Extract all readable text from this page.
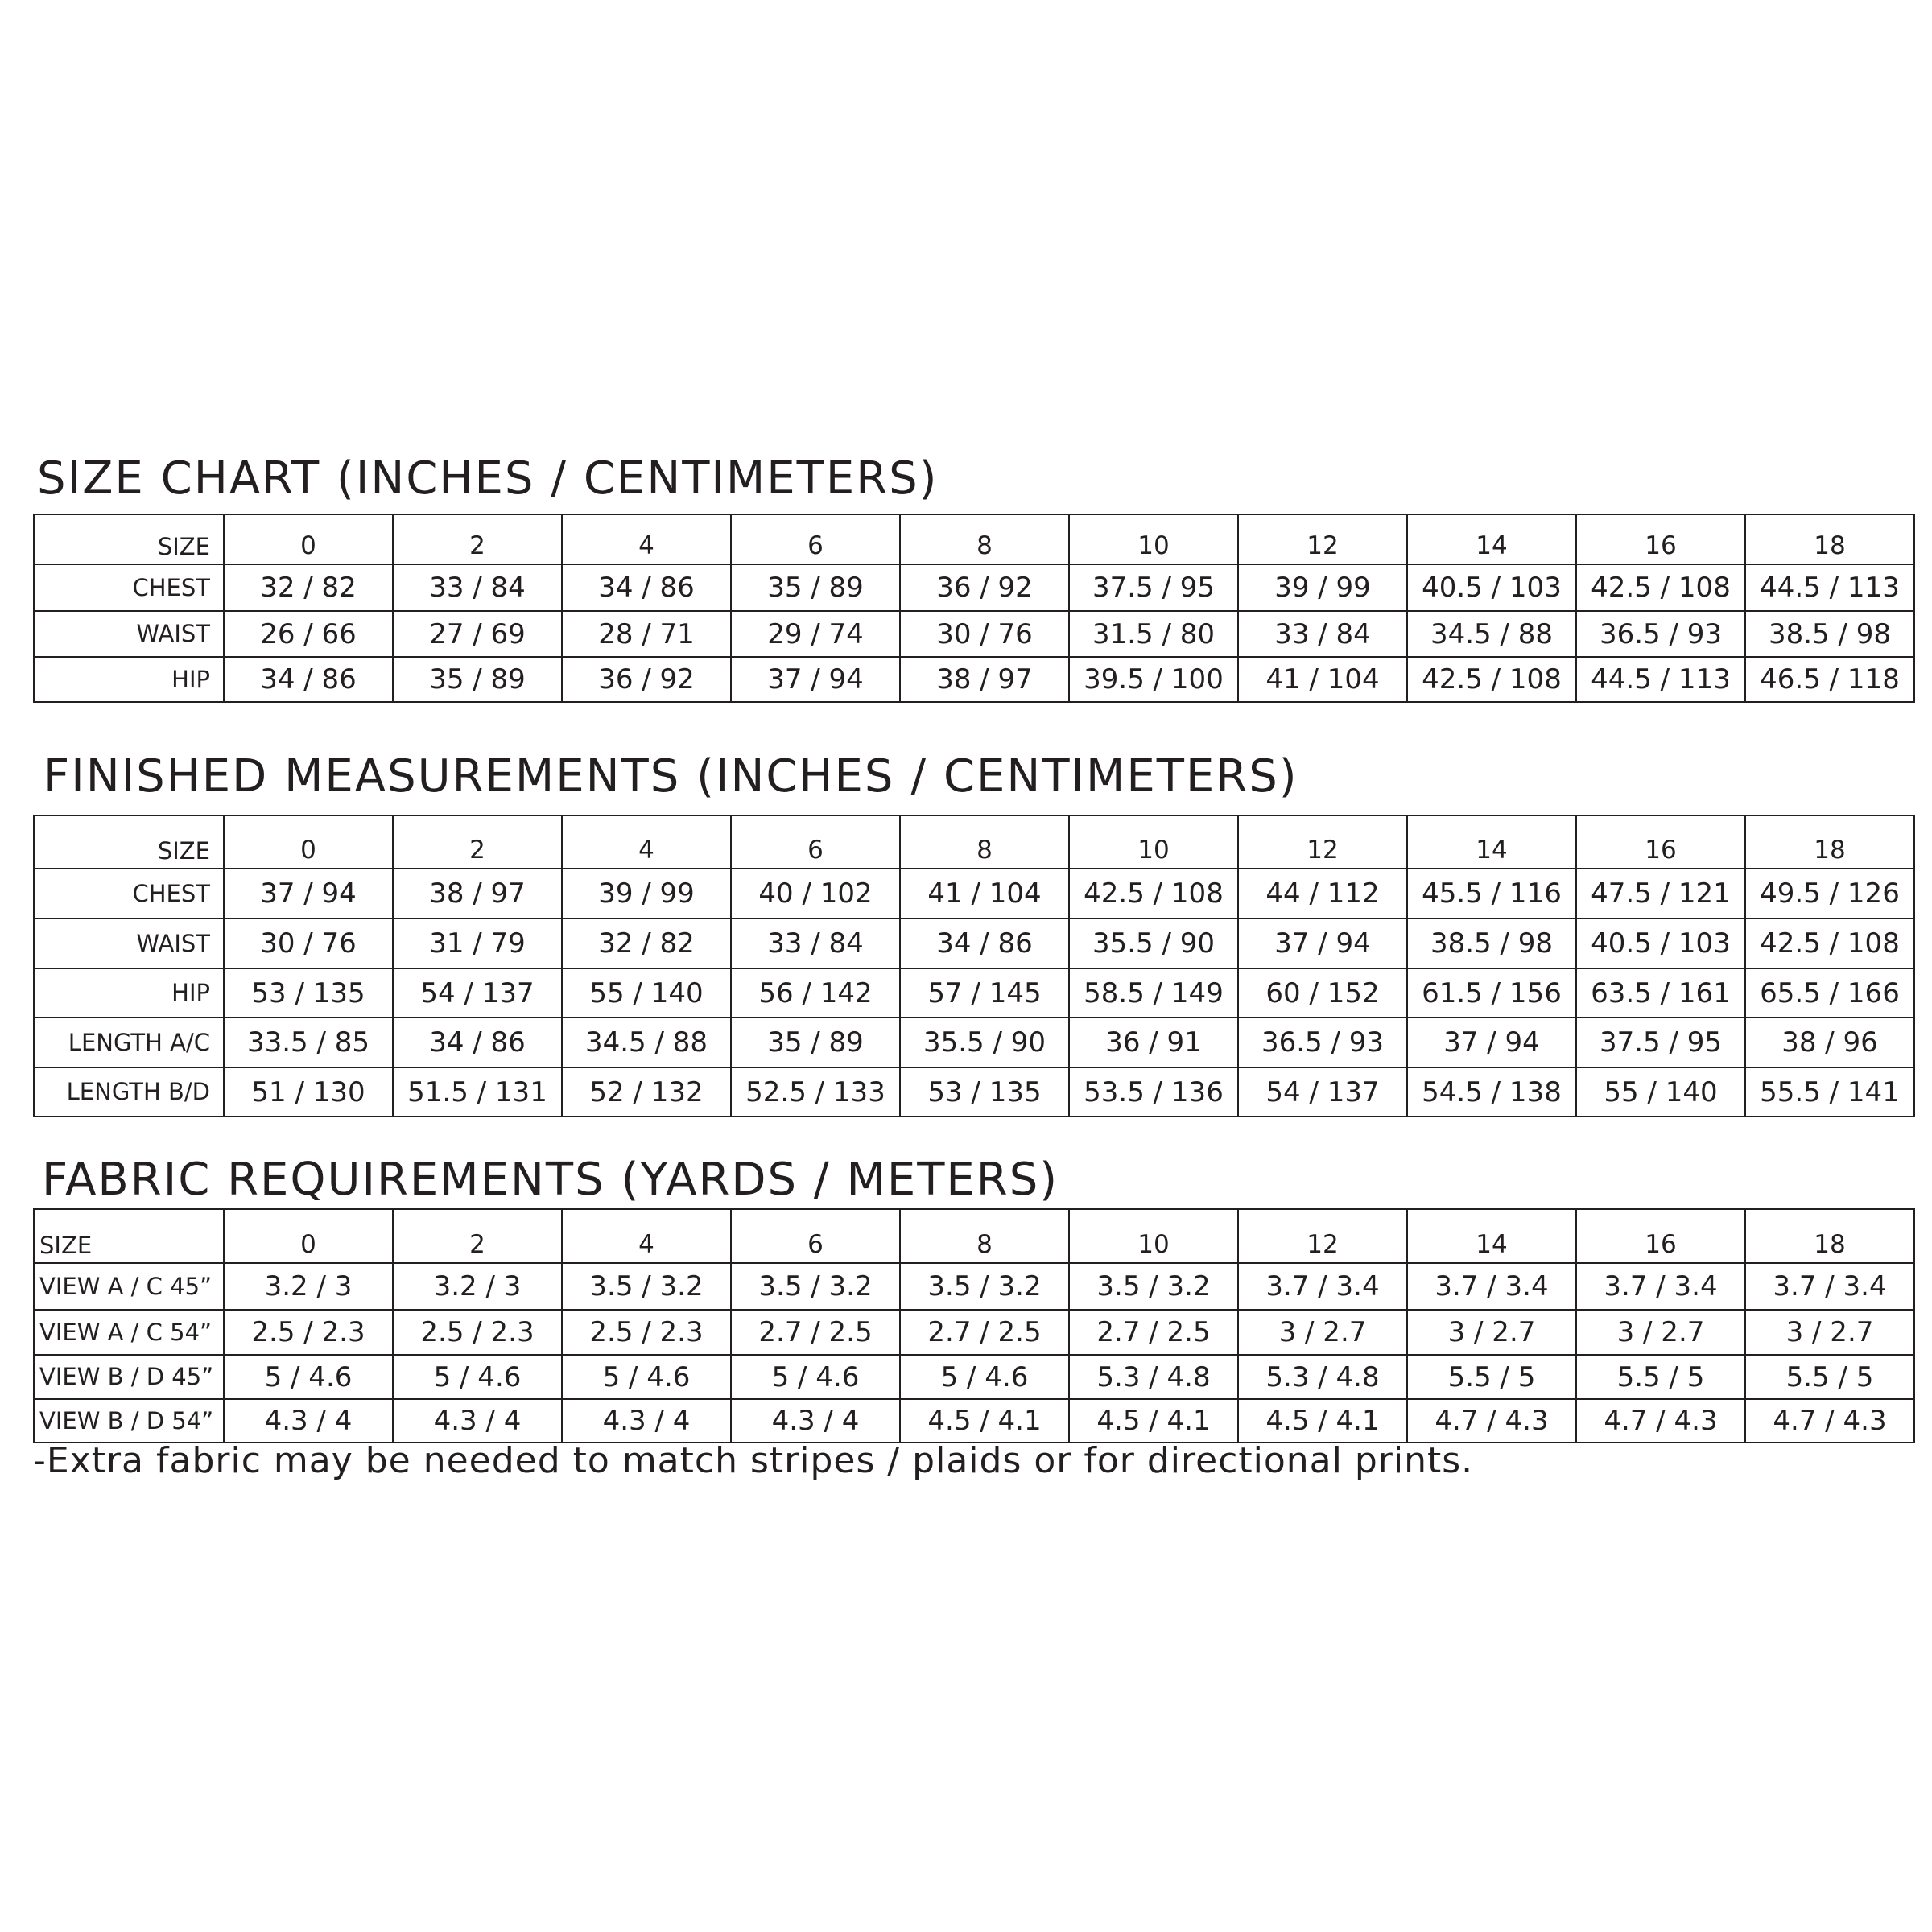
SIZE CHART (INCHES / CENTIMETERS)
SIZE	0	2	4	6	8	10	12	14	16	18
CHEST	32 / 82	33 / 84	34 / 86	35 / 89	36 / 92	37.5 / 95	39 / 99	40.5 / 103	42.5 / 108	44.5 / 113
WAIST	26 / 66	27 / 69	28 / 71	29 / 74	30 / 76	31.5 / 80	33 / 84	34.5 / 88	36.5 / 93	38.5 / 98
HIP	34 / 86	35 / 89	36 / 92	37 / 94	38 / 97	39.5 / 100	41 / 104	42.5 / 108	44.5 / 113	46.5 / 118
FINISHED MEASUREMENTS (INCHES / CENTIMETERS)
SIZE	0	2	4	6	8	10	12	14	16	18
CHEST	37 / 94	38 / 97	39 / 99	40 / 102	41 / 104	42.5 / 108	44 / 112	45.5 / 116	47.5 / 121	49.5 / 126
WAIST	30 / 76	31 / 79	32 / 82	33 / 84	34 / 86	35.5 / 90	37 / 94	38.5 / 98	40.5 / 103	42.5 / 108
HIP	53 / 135	54 / 137	55 / 140	56 / 142	57 / 145	58.5 / 149	60 / 152	61.5 / 156	63.5 / 161	65.5 / 166
LENGTH A/C	33.5 / 85	34 / 86	34.5 / 88	35 / 89	35.5 / 90	36 / 91	36.5 / 93	37 / 94	37.5 / 95	38 / 96
LENGTH B/D	51 / 130	51.5 / 131	52 / 132	52.5 / 133	53 / 135	53.5 / 136	54 / 137	54.5 / 138	55 / 140	55.5 / 141
FABRIC REQUIREMENTS (YARDS / METERS)
SIZE	0	2	4	6	8	10	12	14	16	18
VIEW A / C 45”	3.2 / 3	3.2 / 3	3.5 / 3.2	3.5 / 3.2	3.5 / 3.2	3.5 / 3.2	3.7 / 3.4	3.7 / 3.4	3.7 / 3.4	3.7 / 3.4
VIEW A / C 54”	2.5 / 2.3	2.5 / 2.3	2.5 / 2.3	2.7 / 2.5	2.7 / 2.5	2.7 / 2.5	3 / 2.7	3 / 2.7	3 / 2.7	3 / 2.7
VIEW B / D 45”	5 / 4.6	5 / 4.6	5 / 4.6	5 / 4.6	5 / 4.6	5.3 / 4.8	5.3 / 4.8	5.5 / 5	5.5 / 5	5.5 / 5
VIEW B / D 54”	4.3 / 4	4.3 / 4	4.3 / 4	4.3 / 4	4.5 / 4.1	4.5 / 4.1	4.5 / 4.1	4.7 / 4.3	4.7 / 4.3	4.7 / 4.3

-Extra fabric may be needed to match stripes / plaids or for directional prints.
